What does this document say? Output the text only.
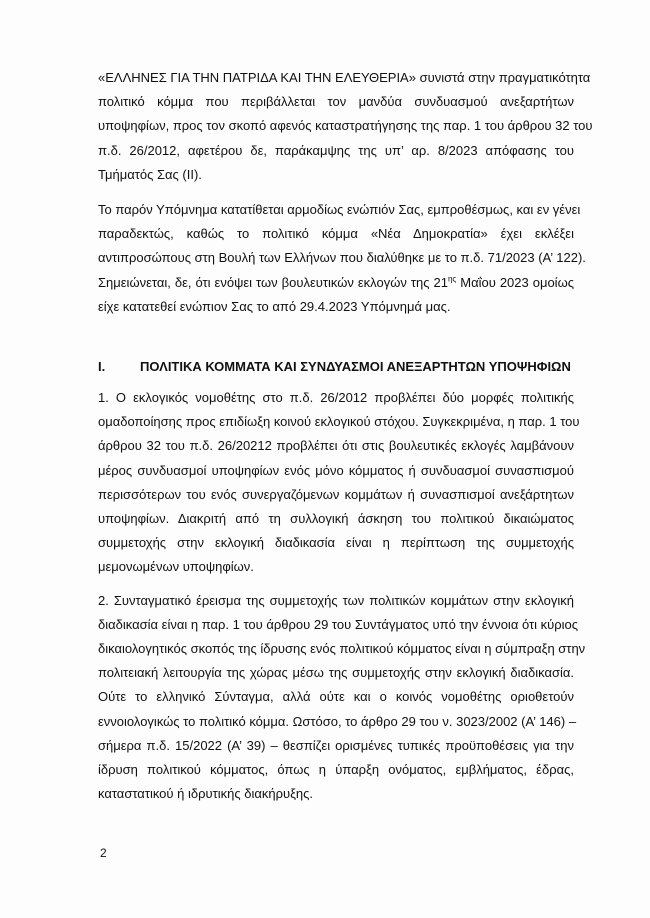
«ΕΛΛΗΝΕΣ ΓΙΑ ΤΗΝ ΠΑΤΡΙΔΑ ΚΑΙ ΤΗΝ ΕΛΕΥΘΕΡΙΑ» συνιστά στην πραγματικότητα
πολιτικό κόμμα που περιβάλλεται τον μανδύα συνδυασμού ανεξαρτήτων
υποψηφίων, προς τον σκοπό αφενός καταστρατήγησης της παρ. 1 του άρθρου 32 του
π.δ. 26/2012, αφετέρου δε, παράκαμψης της υπ’ αρ. 8/2023 απόφασης του
Τμήματός Σας (ΙΙ).

Το παρόν Υπόμνημα κατατίθεται αρμοδίως ενώπιόν Σας, εμπροθέσμως, και εν γένει
παραδεκτώς, καθώς το πολιτικό κόμμα «Νέα Δημοκρατία» έχει εκλέξει
αντιπροσώπους στη Βουλή των Ελλήνων που διαλύθηκε με το π.δ. 71/2023 (Α’ 122).
Σημειώνεται, δε, ότι ενόψει των βουλευτικών εκλογών της $21^{\eta\varsigma}$ Μαΐου 2023 ομοίως
είχε κατατεθεί ενώπιον Σας το από 29.4.2023 Υπόμνημά μας.

Ι.	ΠΟΛΙΤΙΚΑ ΚΟΜΜΑΤΑ ΚΑΙ ΣΥΝΔΥΑΣΜΟΙ ΑΝΕΞΑΡΤΗΤΩΝ ΥΠΟΨΗΦΙΩΝ

1. Ο εκλογικός νομοθέτης στο π.δ. 26/2012 προβλέπει δύο μορφές πολιτικής
ομαδοποίησης προς επιδίωξη κοινού εκλογικού στόχου. Συγκεκριμένα, η παρ. 1 του
άρθρου 32 του π.δ. 26/20212 προβλέπει ότι στις βουλευτικές εκλογές λαμβάνουν
μέρος συνδυασμοί υποψηφίων ενός μόνο κόμματος ή συνδυασμοί συνασπισμού
περισσότερων του ενός συνεργαζόμενων κομμάτων ή συνασπισμοί ανεξάρτητων
υποψηφίων. Διακριτή από τη συλλογική άσκηση του πολιτικού δικαιώματος
συμμετοχής στην εκλογική διαδικασία είναι η περίπτωση της συμμετοχής
μεμονωμένων υποψηφίων.

2. Συνταγματικό έρεισμα της συμμετοχής των πολιτικών κομμάτων στην εκλογική
διαδικασία είναι η παρ. 1 του άρθρου 29 του Συντάγματος υπό την έννοια ότι κύριος
δικαιολογητικός σκοπός της ίδρυσης ενός πολιτικού κόμματος είναι η σύμπραξη στην
πολιτειακή λειτουργία της χώρας μέσω της συμμετοχής στην εκλογική διαδικασία.
Ούτε το ελληνικό Σύνταγμα, αλλά ούτε και ο κοινός νομοθέτης οριοθετούν
εννοιολογικώς το πολιτικό κόμμα. Ωστόσο, το άρθρο 29 του ν. 3023/2002 (Α’ 146) –
σήμερα π.δ. 15/2022 (Α’ 39) – θεσπίζει ορισμένες τυπικές προϋποθέσεις για την
ίδρυση πολιτικού κόμματος, όπως η ύπαρξη ονόματος, εμβλήματος, έδρας,
καταστατικού ή ιδρυτικής διακήρυξης.

2
